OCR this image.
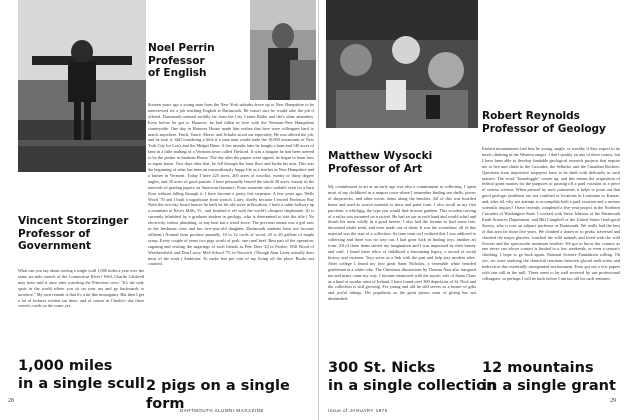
Vincent Storzinger
Professor of
Government
What can you say about rowing a single scull 1,000 miles a year over the same six-mile stretch of the Connecticut River? Well, Charlie Caldwell may have said it once after watching the Princeton crew: "It's the only sport in the world where you sit on your ass and go backwards to nowhere." My own remark is that it's a bit like monogamy. But then I get a lot of lectures written out there, and of course in Charlie's day there weren't coeds on the water yet.
1,000 miles
in a single scull
28
Noel Perrin
Professor
of English
Sixteen years ago a young man from the New York suburbs drove up to New Hampshire to be interviewed for a job teaching English at Dartmouth. He wasn't sure he would take the job if offered. Dartmouth seemed awfully far from the City Center Ballet and life's other amenities. Even before he got to Hanover, he had fallen in love with the Vermont-New Hampshire countryside. One day in Hanover House made him realize that here were colleagues hard to match anywhere. Finch, Vance, Morse, and Schultz stood out especially. He was offered the job, and he took it. Still wondering a little if a sane man would trade the 10,000 restaurants of New York City for Lou's and the Midget Diner. A few months later he bought a barn and 140 acres of land in a little nothing of a Vermont town called Thetford. It was a bargain he had been steered to by the janitor in Sanborn House. The day after the papers were signed, he began to learn how to repair barns. Two days after that, he fell through the barn floor and broke his arm. This was the beginning of what has been an extraordinarily happy life as a teacher in New Hampshire and a farmer in Vermont. Today I have 225 acres, 200 acres of woodlot, twenty or thirty degree angles, and 20 acres of good pasture. I have personally fenced the whole 20 acres, mostly in the intervals of grading papers on American literature. From someone who couldn't even fix a barn floor without falling through it, I have become a pretty fair carpenter. A few years ago, Wells Wood '70 and I built a sugarhouse from scratch. Later, chiefly because I envied Professor Ray Nash the two-day board houses he built on his old acres in Royalton, I built a cabin halfway up a mountain in Rice's Mills, Vt., and finished it off with the world's cheapest chipboards. (It is currently inhabited by a graduate student in geology, who is determined to win the title.) No electricity, indoor plumbing, or any heat but a wood stove. The previous tenant was a girl now in the freshman class and her two-year-old daughter. Dartmouth students have not become affluent.) Normal farm produce annually, 10 to 12 cords of wood, 20 to 40 gallons of maple syrup. Every couple of years two pigs worth of pork, one rural beef. Best part of the operation: sugaring and visiting the sugarings of such friends as Pete Deer '43 in Fairlee, Will Wood of Weathersfield, and Don Lacey, Med School '75, in Norwich. (Though Alan Lacey actually does most of the work.) Ambition: To make five per cent of my living off the place. Books not counted.
2 pigs on a single form
DARTMOUTH ALUMNI MAGAZINE
Matthew Wysocki
Professor of Art
My commitment to art at an early age was also a commitment to collecting. I spent most of my childhood in a seaport town where I remember finding sea shells, pieces of shipwrecks, and other exotic items along the beaches. All of this was hoarded home and used as source material to draw and paint from. I also recall as my first purchase, a whirligig, the type you would find in most gardens. This wooden carving of a sailor was mounted on a swivel. He had an oar in each hand and would whirl and thrash his arms wildly in a good breeze. I also had the fortune to find some rare, decorated whale teeth, and even made out of them. It was the scrimshaw, all of this material was the start of a collection. As time went on I realized that I was addicted to collecting and there was no way out. I had great luck in finding toys, another art form. All of these items stirred my imagination and I was impressed by their beauty and craft. I found these relics of childhood a fascinating legacy, a record of social history and customs. Toys serve as a link with the past and help stay modern alive. After college I found my first great Saint Nicholas, a venerable white bearded gentleman in a white robe. The Christmas illustrations by Thomas Nast also intrigued me and many came my way. I became enamored with the mystic role of Santa Claus as a kind of secular saint of Ireland. I have found over 300 depictions of St. Nick and the collection is still growing. For young and old he still serves as a bearer of gifts and joyful tidings. His popularity as the great patron saint of giving has not diminished.
300 St. Nicks
in a single collection
Issue of JANUARY 1975
Robert Reynolds
Professor of Geology
Eastern mountaineers had best be young, single, or wealthy if they expect to do much climbing in the Western ranges. I don't qualify on any of these counts, but I have been able to develop fundable geological research projects that require me to live and climb in the Cascades, the Selkirks, and the Canadian Rockies. Questions from inquisitive taxpayers have to be dealt with delicately in such matters. The word "boondoggle" comes up, and this means the acquisition of federal grant monies for the purposes of passing off a paid vacation as a piece of serious science. When pressed by such comments, it helps to point out that good geologic problems are not confined to locations in Louisiana or Kansas, and, after all, why not attempt to accomplish both a paid vacation and a serious scientific inquiry? I have recently completed a five-year project in the Northern Cascades of Washington State. I worked with Steve Johnson of the Dartmouth Earth Sciences Department, and Bill Campbell of the United States Geological Survey, who is now an adjunct professor at Dartmouth. We really had the best of that area for those five years. We climbed a dozen or so peaks, traversed and climbed the major glaciers, watched the wild animals and lived with the wild flowers and the spectacular mountain weather. We got to know the country as one never can whose contact is limited to a few weekends, or even a season's climbing. I hope to go back again. National Science Foundation willing. Oh yes, we were studying the chemical reactions between glacial melt-water and bedrock in this essentially unvegetated environment. Even got out a few papers with one still in the mill. These seem to be well received by our professional colleagues, so perhaps I will be back before I am too old for such ventures.
12 mountains
in a single grant
29
